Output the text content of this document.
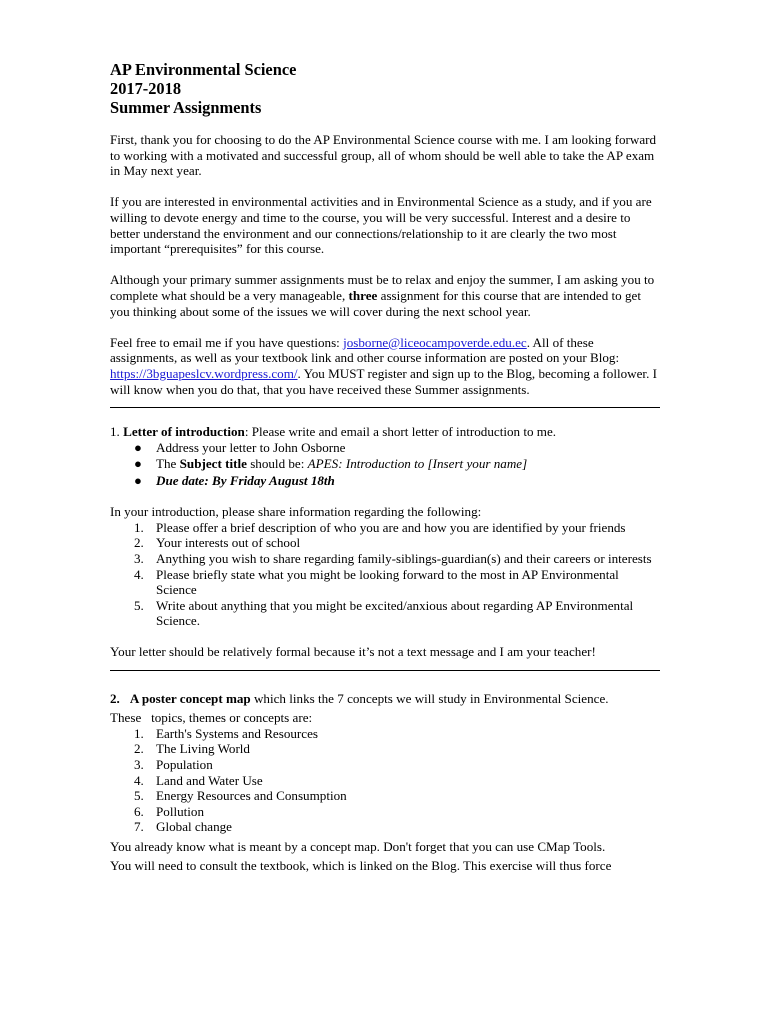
AP Environmental Science
2017-2018
Summer Assignments

First, thank you for choosing to do the AP Environmental Science course with me. I am looking forward to working with a motivated and successful group, all of whom should be well able to take the AP exam in May next year.

If you are interested in environmental activities and in Environmental Science as a study, and if you are willing to devote energy and time to the course, you will be very successful. Interest and a desire to better understand the environment and our connections/relationship to it are clearly the two most important “prerequisites” for this course.

Although your primary summer assignments must be to relax and enjoy the summer, I am asking you to complete what should be a very manageable, three assignment for this course that are intended to get you thinking about some of the issues we will cover during the next school year.

Feel free to email me if you have questions: josborne@liceocampoverde.edu.ec. All of these assignments, as well as your textbook link and other course information are posted on your Blog: https://3bguapeslcv.wordpress.com/. You MUST register and sign up to the Blog, becoming a follower. I will know when you do that, that you have received these Summer assignments.

1. Letter of introduction: Please write and email a short letter of introduction to me.
● Address your letter to John Osborne
● The Subject title should be: APES: Introduction to [Insert your name]
● Due date: By Friday August 18th
In your introduction, please share information regarding the following:
1. Please offer a brief description of who you are and how you are identified by your friends
2. Your interests out of school
3. Anything you wish to share regarding family-siblings-guardian(s) and their careers or interests
4. Please briefly state what you might be looking forward to the most in AP Environmental Science
5. Write about anything that you might be excited/anxious about regarding AP Environmental Science.

Your letter should be relatively formal because it’s not a text message and I am your teacher!

2. A poster concept map which links the 7 concepts we will study in Environmental Science.
These   topics, themes or concepts are:
1. Earth's Systems and Resources
2. The Living World
3. Population
4. Land and Water Use
5. Energy Resources and Consumption
6. Pollution
7. Global change
You already know what is meant by a concept map. Don't forget that you can use CMap Tools.
You will need to consult the textbook, which is linked on the Blog. This exercise will thus force
